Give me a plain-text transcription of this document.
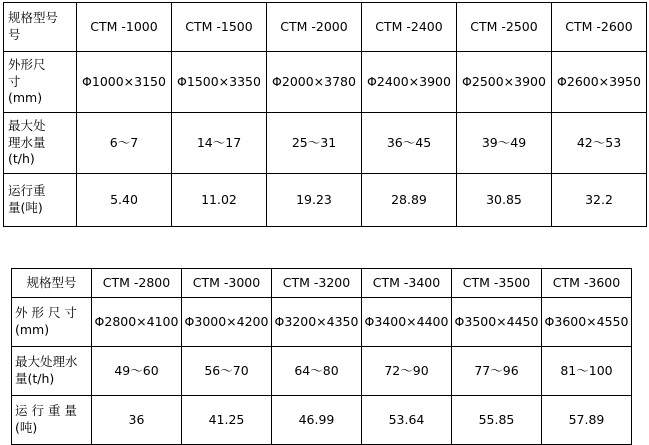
规格型号
号	CTM -1000	CTM -1500	CTM -2000	CTM -2400	CTM -2500	CTM -2600

外形尺
寸
(mm)	Φ1000×3150	Φ1500×3350	Φ2000×3780	Φ2400×3900	Φ2500×3900	Φ2600×3950

最大处
理水量
(t/h)	6～7	14～17	25～31	36～45	39～49	42～53

运行重
量(吨)	5.40	11.02	19.23	28.89	30.85	32.2
规格型号	CTM -2800	CTM -3000	CTM -3200	CTM -3400	CTM -3500	CTM -3600

外 形 尺 寸
(mm)	Φ2800×4100	Φ3000×4200	Φ3200×4350	Φ3400×4400	Φ3500×4450	Φ3600×4550

最大处理水
量(t/h)	49～60	56～70	64～80	72～90	77～96	81～100

运 行 重 量
(吨)	36	41.25	46.99	53.64	55.85	57.89
